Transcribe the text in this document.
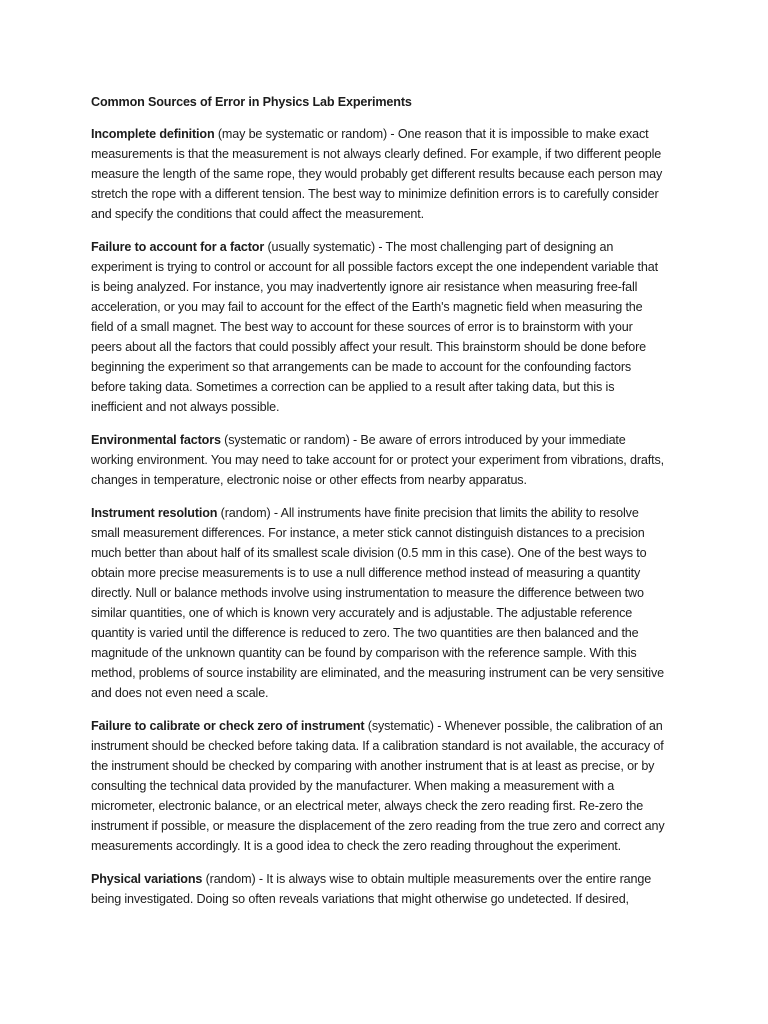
Common Sources of Error in Physics Lab Experiments

Incomplete definition (may be systematic or random) - One reason that it is impossible to make exact measurements is that the measurement is not always clearly defined. For example, if two different people measure the length of the same rope, they would probably get different results because each person may stretch the rope with a different tension. The best way to minimize definition errors is to carefully consider and specify the conditions that could affect the measurement.

Failure to account for a factor (usually systematic) - The most challenging part of designing an experiment is trying to control or account for all possible factors except the one independent variable that is being analyzed. For instance, you may inadvertently ignore air resistance when measuring free-fall acceleration, or you may fail to account for the effect of the Earth's magnetic field when measuring the field of a small magnet. The best way to account for these sources of error is to brainstorm with your peers about all the factors that could possibly affect your result. This brainstorm should be done before beginning the experiment so that arrangements can be made to account for the confounding factors before taking data. Sometimes a correction can be applied to a result after taking data, but this is inefficient and not always possible.

Environmental factors (systematic or random) - Be aware of errors introduced by your immediate working environment. You may need to take account for or protect your experiment from vibrations, drafts, changes in temperature, electronic noise or other effects from nearby apparatus.

Instrument resolution (random) - All instruments have finite precision that limits the ability to resolve small measurement differences. For instance, a meter stick cannot distinguish distances to a precision much better than about half of its smallest scale division (0.5 mm in this case). One of the best ways to obtain more precise measurements is to use a null difference method instead of measuring a quantity directly. Null or balance methods involve using instrumentation to measure the difference between two similar quantities, one of which is known very accurately and is adjustable. The adjustable reference quantity is varied until the difference is reduced to zero. The two quantities are then balanced and the magnitude of the unknown quantity can be found by comparison with the reference sample. With this method, problems of source instability are eliminated, and the measuring instrument can be very sensitive and does not even need a scale.

Failure to calibrate or check zero of instrument (systematic) - Whenever possible, the calibration of an instrument should be checked before taking data. If a calibration standard is not available, the accuracy of the instrument should be checked by comparing with another instrument that is at least as precise, or by consulting the technical data provided by the manufacturer. When making a measurement with a micrometer, electronic balance, or an electrical meter, always check the zero reading first. Re-zero the instrument if possible, or measure the displacement of the zero reading from the true zero and correct any measurements accordingly. It is a good idea to check the zero reading throughout the experiment.

Physical variations (random) - It is always wise to obtain multiple measurements over the entire range being investigated. Doing so often reveals variations that might otherwise go undetected. If desired,
